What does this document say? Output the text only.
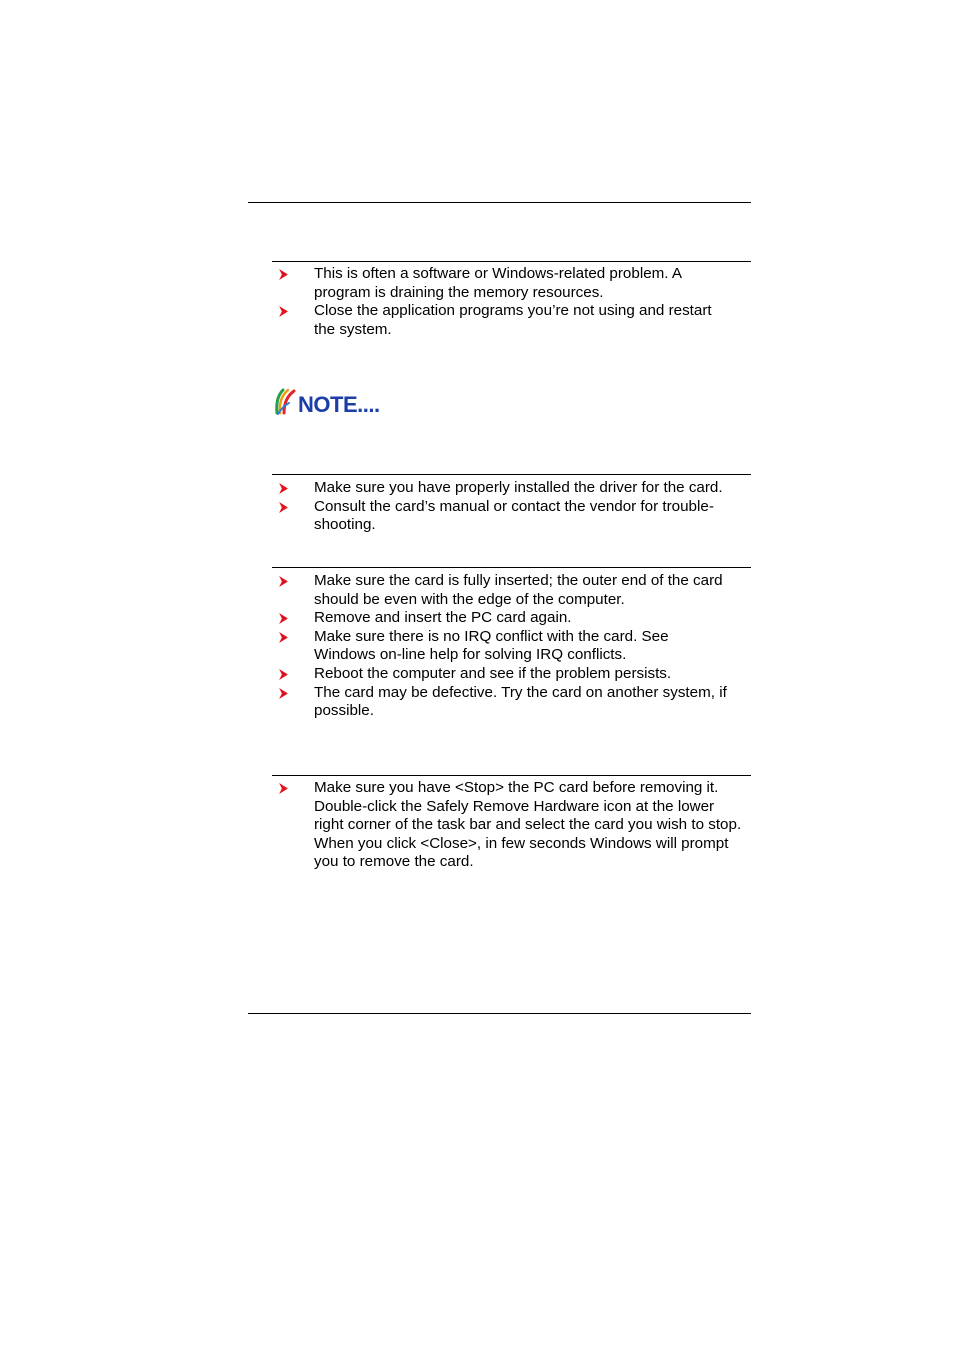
This is often a software or Windows-related problem. A program is draining the memory resources.
Close the application programs you’re not using and restart the system.
NOTE....
Make sure you have properly installed the driver for the card.
Consult the card’s manual or contact the vendor for trouble-shooting.
Make sure the card is fully inserted; the outer end of the card should be even with the edge of the computer.
Remove and insert the PC card again.
Make sure there is no IRQ conflict with the card. See Windows on-line help for solving IRQ conflicts.
Reboot the computer and see if the problem persists.
The card may be defective. Try the card on another system, if possible.
Make sure you have <Stop> the PC card before removing it. Double-click the Safely Remove Hardware icon at the lower right corner of the task bar and select the card you wish to stop. When you click <Close>, in few seconds Windows will prompt you to remove the card.
